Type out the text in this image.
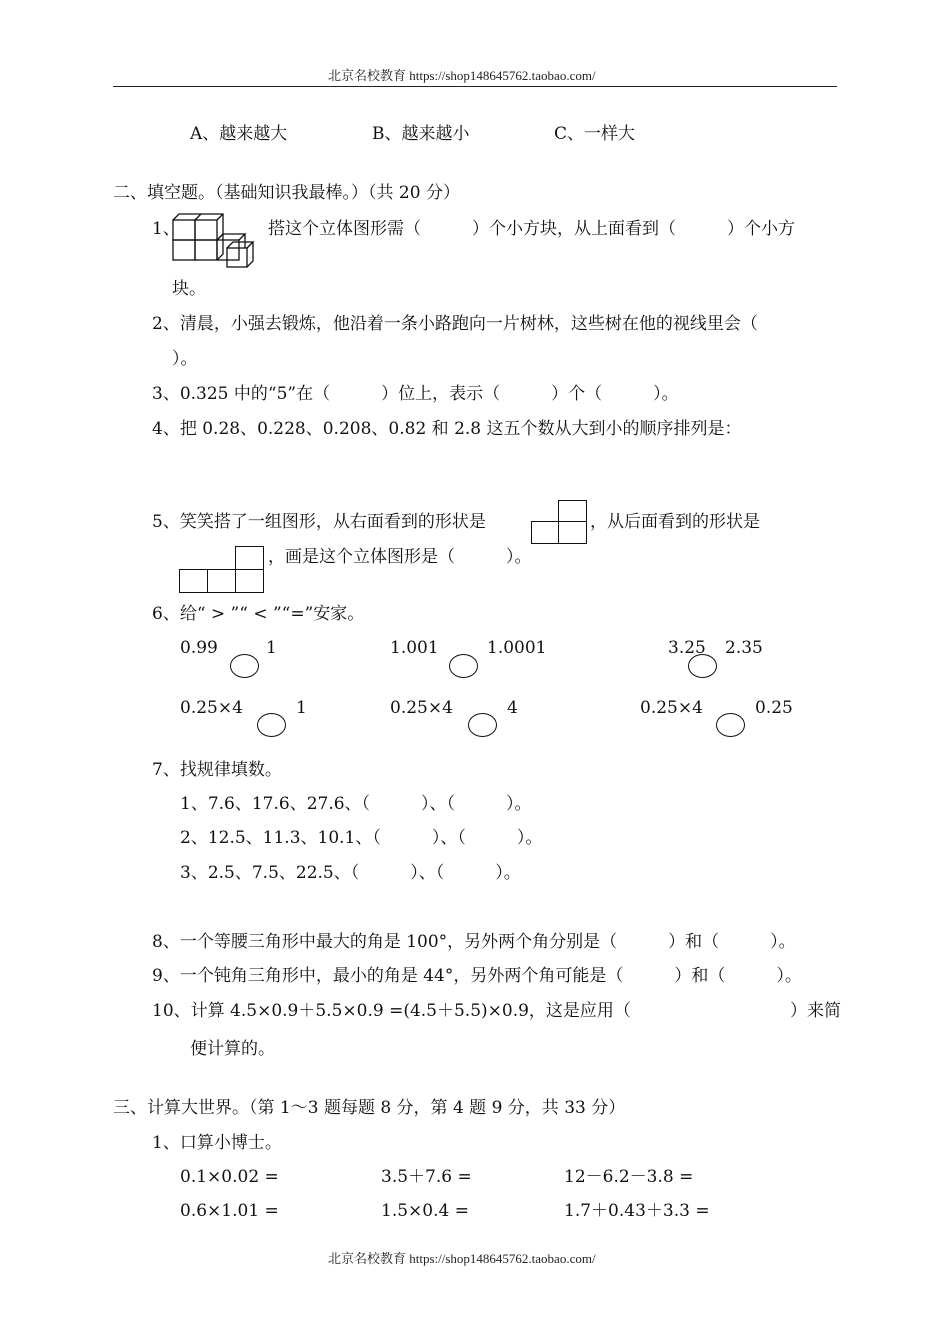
北京名校教育 https://shop148645762.taobao.com/
A、越来越大	B、越来越小	C、一样大
二、填空题。（基础知识我最棒。）（共 20 分）
1、	搭这个立体图形需（　　　）个小方块，从上面看到（　　　）个小方
块。
2、清晨，小强去锻炼，他沿着一条小路跑向一片树林，这些树在他的视线里会（
）。
3、0.325 中的“5”在（　　　）位上，表示（　　　）个（　　　）。
4、把 0.28、0.228、0.208、0.82 和 2.8 这五个数从大到小的顺序排列是：
5、笑笑搭了一组图形，从右面看到的形状是	，从后面看到的形状是
，画是这个立体图形是（　　　）。
6、给“ > ”“ < ”“=”安家。
0.99	1	1.001	1.0001	3.25 2.35
0.25×4	1	0.25×4	4	0.25×4	0.25
7、找规律填数。
1、7.6、17.6、27.6、（　　　）、（　　　）。
2、12.5、11.3、10.1、（　　　）、（　　　）。
3、2.5、7.5、22.5、（　　　）、（　　　）。
8、一个等腰三角形中最大的角是 100°，另外两个角分别是（　　　）和（　　　）。
9、一个钝角三角形中，最小的角是 44°，另外两个角可能是（　　　）和（　　　）。
10、计算 4.5×0.9＋5.5×0.9 =(4.5＋5.5)×0.9，这是应用（	）来简
便计算的。
三、计算大世界。（第 1～3 题每题 8 分，第 4 题 9 分，共 33 分）
1、口算小博士。
0.1×0.02 =	3.5＋7.6 =	12－6.2－3.8 =
0.6×1.01 =	1.5×0.4 =	1.7＋0.43＋3.3 =
北京名校教育 https://shop148645762.taobao.com/
